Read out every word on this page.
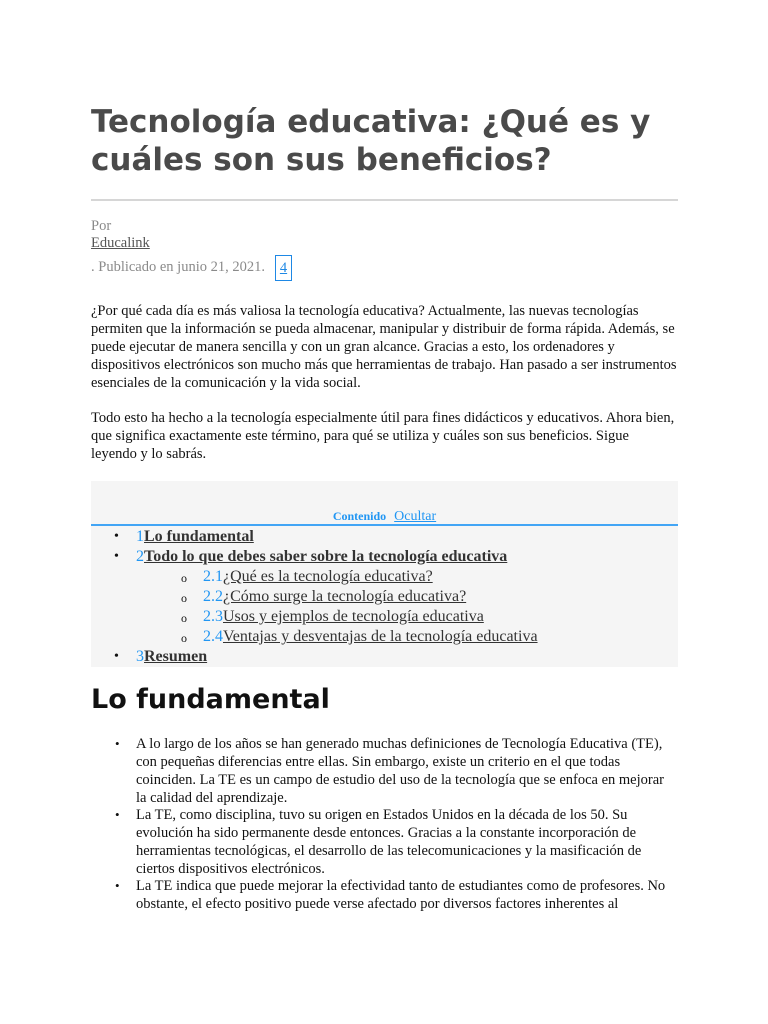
Tecnología educativa: ¿Qué es y cuáles son sus beneficios?
Por
Educalink
. Publicado en junio 21, 2021.	4

¿Por qué cada día es más valiosa la tecnología educativa? Actualmente, las nuevas tecnologías permiten que la información se pueda almacenar, manipular y distribuir de forma rápida. Además, se puede ejecutar de manera sencilla y con un gran alcance. Gracias a esto, los ordenadores y dispositivos electrónicos son mucho más que herramientas de trabajo. Han pasado a ser instrumentos esenciales de la comunicación y la vida social.

Todo esto ha hecho a la tecnología especialmente útil para fines didácticos y educativos. Ahora bien, que significa exactamente este término, para qué se utiliza y cuáles son sus beneficios. Sigue leyendo y lo sabrás.

Contenido Ocultar
• 1Lo fundamental
• 2Todo lo que debes saber sobre la tecnología educativa
o 2.1¿Qué es la tecnología educativa?
o 2.2¿Cómo surge la tecnología educativa?
o 2.3Usos y ejemplos de tecnología educativa
o 2.4Ventajas y desventajas de la tecnología educativa
• 3Resumen
Lo fundamental
• A lo largo de los años se han generado muchas definiciones de Tecnología Educativa (TE), con pequeñas diferencias entre ellas. Sin embargo, existe un criterio en el que todas coinciden. La TE es un campo de estudio del uso de la tecnología que se enfoca en mejorar la calidad del aprendizaje.
• La TE, como disciplina, tuvo su origen en Estados Unidos en la década de los 50. Su evolución ha sido permanente desde entonces. Gracias a la constante incorporación de herramientas tecnológicas, el desarrollo de las telecomunicaciones y la masificación de ciertos dispositivos electrónicos.
• La TE indica que puede mejorar la efectividad tanto de estudiantes como de profesores. No obstante, el efecto positivo puede verse afectado por diversos factores inherentes al
